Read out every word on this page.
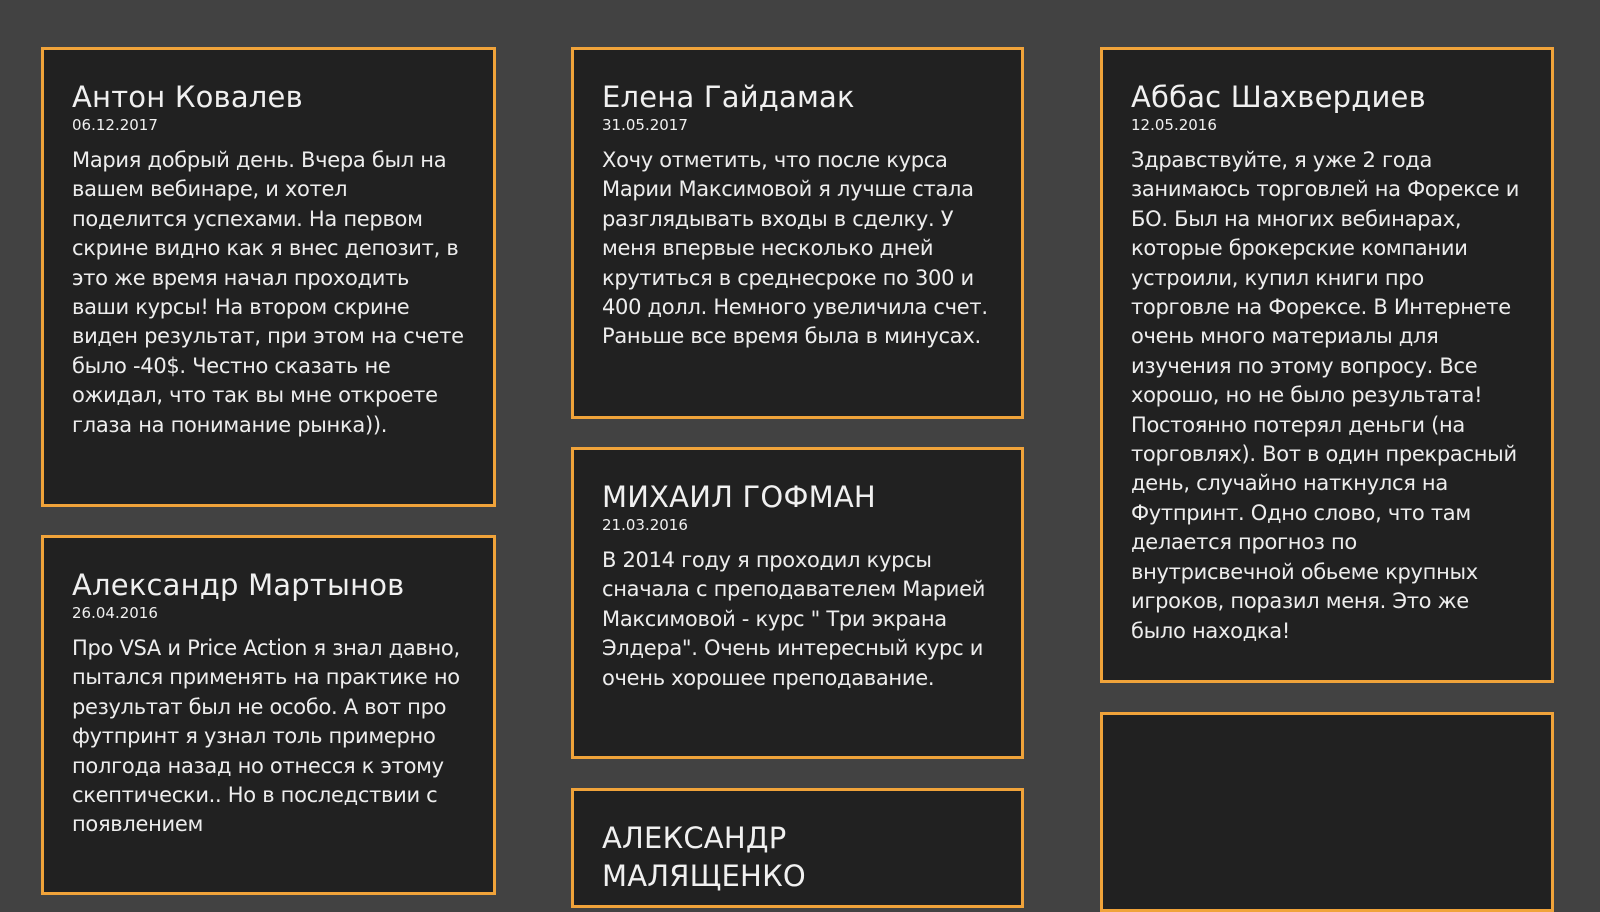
Антон Ковалев
06.12.2017

Мария добрый день. Вчера был на вашем вебинаре, и хотел поделится успехами. На первом скрине видно как я внес депозит, в это же время начал проходить ваши курсы! На втором скрине виден результат, при этом на счете было -40$. Честно сказать не ожидал, что так вы мне откроете глаза на понимание рынка)).

Александр Мартынов
26.04.2016

Про VSA и Price Action я знал давно, пытался применять на практике но результат был не особо. А вот про футпринт я узнал толь примерно полгода назад но отнесся к этому скептически.. Но в последствии с появлением

Елена Гайдамак
31.05.2017

Хочу отметить, что после курса Марии Максимовой я лучше стала разглядывать входы в сделку. У меня впервые несколько дней крутиться в среднесроке по 300 и 400 долл. Немного увеличила счет. Раньше все время была в минусах.

МИХАИЛ ГОФМАН
21.03.2016

В 2014 году я проходил курсы сначала с преподавателем Марией Максимовой - курс " Три экрана Элдера". Очень интересный курс и очень хорошее преподавание.

АЛЕКСАНДР МАЛЯЩЕНКО
Аббас Шахвердиев
12.05.2016

Здравствуйте, я уже 2 года занимаюсь торговлей на Форексе и БО. Был на многих вебинарах, которые брокерские компании устроили, купил книги про торговле на Форексе. В Интернете очень много материалы для изучения по этому вопросу. Все хорошо, но не было результата! Постоянно потерял деньги (на торговлях). Вот в один прекрасный день, случайно наткнулся на Футпринт. Одно слово, что там делается прогноз по внутрисвечной обьеме крупных игроков, поразил меня. Это же было находка!
